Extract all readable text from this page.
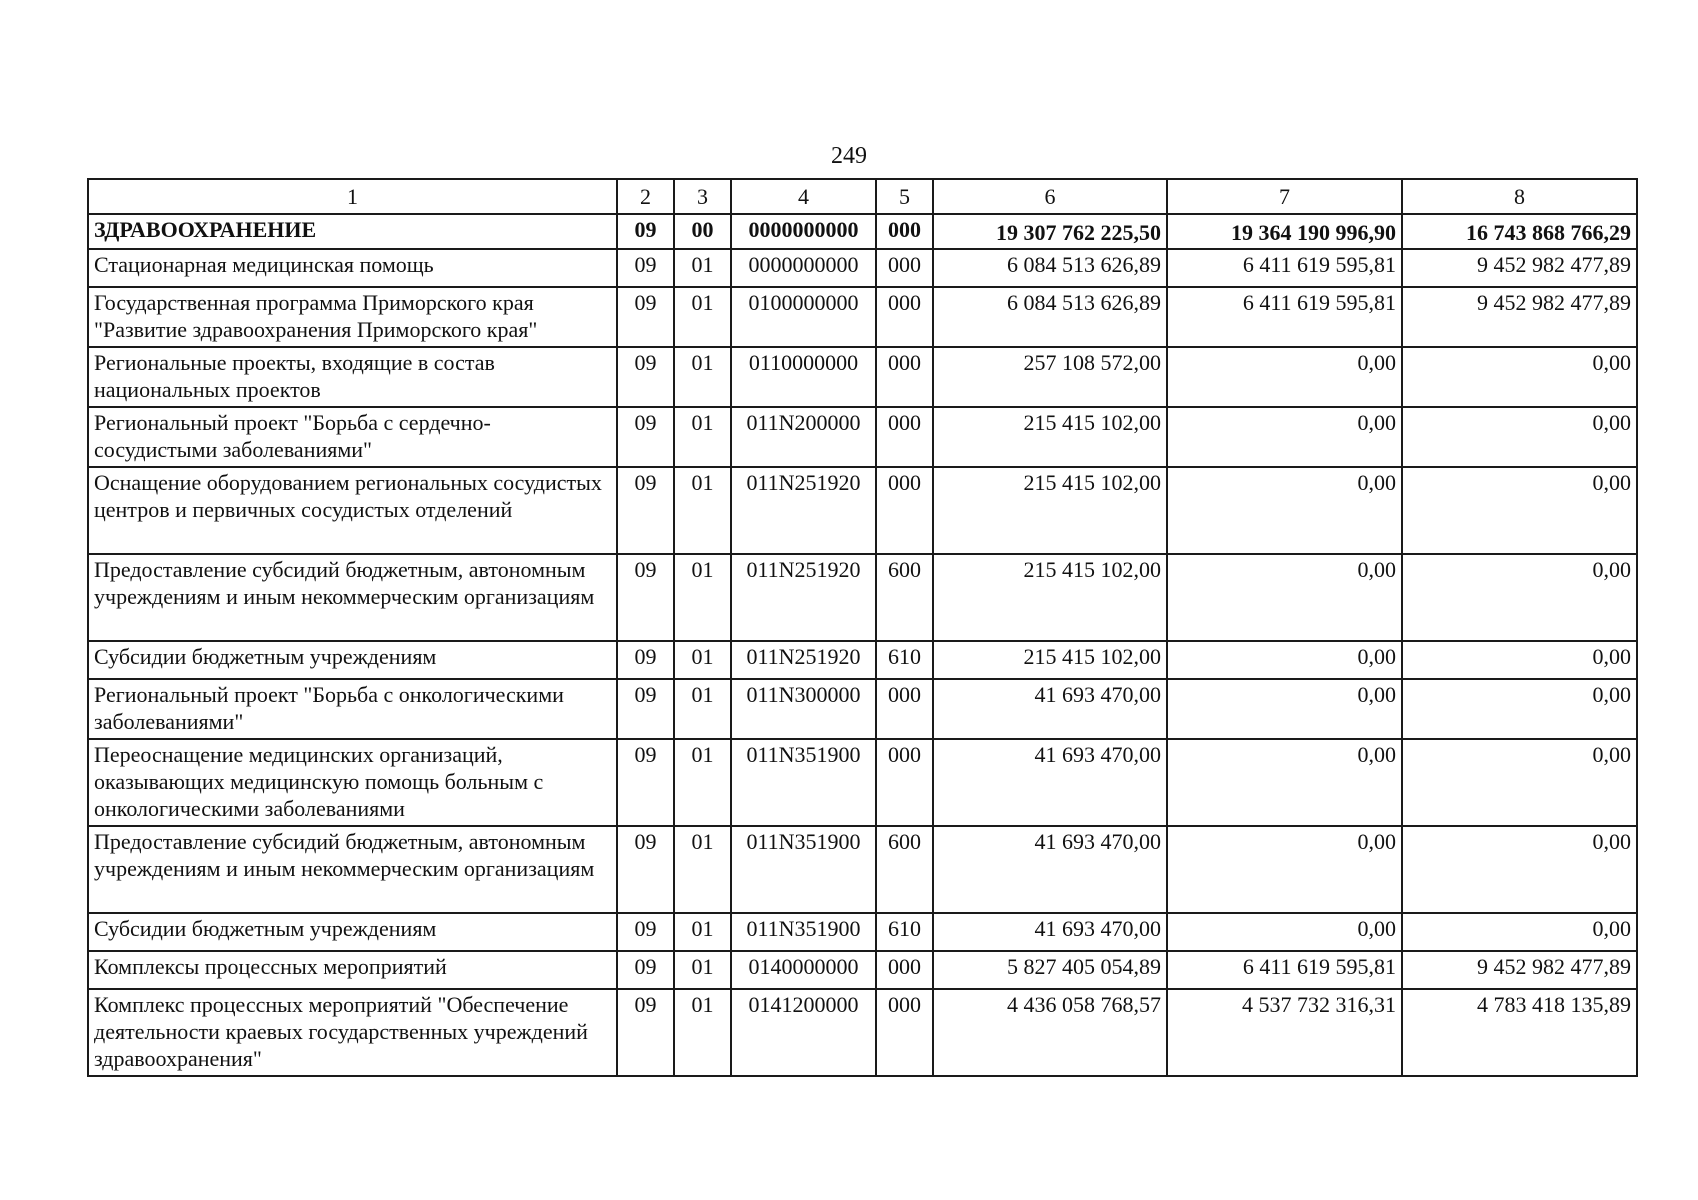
249
1	2	3	4	5	6	7	8
ЗДРАВООХРАНЕНИЕ	09	00	0000000000	000	19 307 762 225,50	19 364 190 996,90	16 743 868 766,29
Стационарная медицинская помощь	09	01	0000000000	000	6 084 513 626,89	6 411 619 595,81	9 452 982 477,89
Государственная программа Приморского края "Развитие здравоохранения Приморского края"	09	01	0100000000	000	6 084 513 626,89	6 411 619 595,81	9 452 982 477,89
Региональные проекты, входящие в состав национальных проектов	09	01	0110000000	000	257 108 572,00	0,00	0,00
Региональный проект "Борьба с сердечно-сосудистыми заболеваниями"	09	01	011N200000	000	215 415 102,00	0,00	0,00
Оснащение оборудованием региональных сосудистых центров и первичных сосудистых отделений	09	01	011N251920	000	215 415 102,00	0,00	0,00
Предоставление субсидий бюджетным, автономным учреждениям и иным некоммерческим организациям	09	01	011N251920	600	215 415 102,00	0,00	0,00
Субсидии бюджетным учреждениям	09	01	011N251920	610	215 415 102,00	0,00	0,00
Региональный проект "Борьба с онкологическими заболеваниями"	09	01	011N300000	000	41 693 470,00	0,00	0,00
Переоснащение медицинских организаций, оказывающих медицинскую помощь больным с онкологическими заболеваниями	09	01	011N351900	000	41 693 470,00	0,00	0,00
Предоставление субсидий бюджетным, автономным учреждениям и иным некоммерческим организациям	09	01	011N351900	600	41 693 470,00	0,00	0,00
Субсидии бюджетным учреждениям	09	01	011N351900	610	41 693 470,00	0,00	0,00
Комплексы процессных мероприятий	09	01	0140000000	000	5 827 405 054,89	6 411 619 595,81	9 452 982 477,89
Комплекс процессных мероприятий "Обеспечение деятельности краевых государственных учреждений здравоохранения"	09	01	0141200000	000	4 436 058 768,57	4 537 732 316,31	4 783 418 135,89
